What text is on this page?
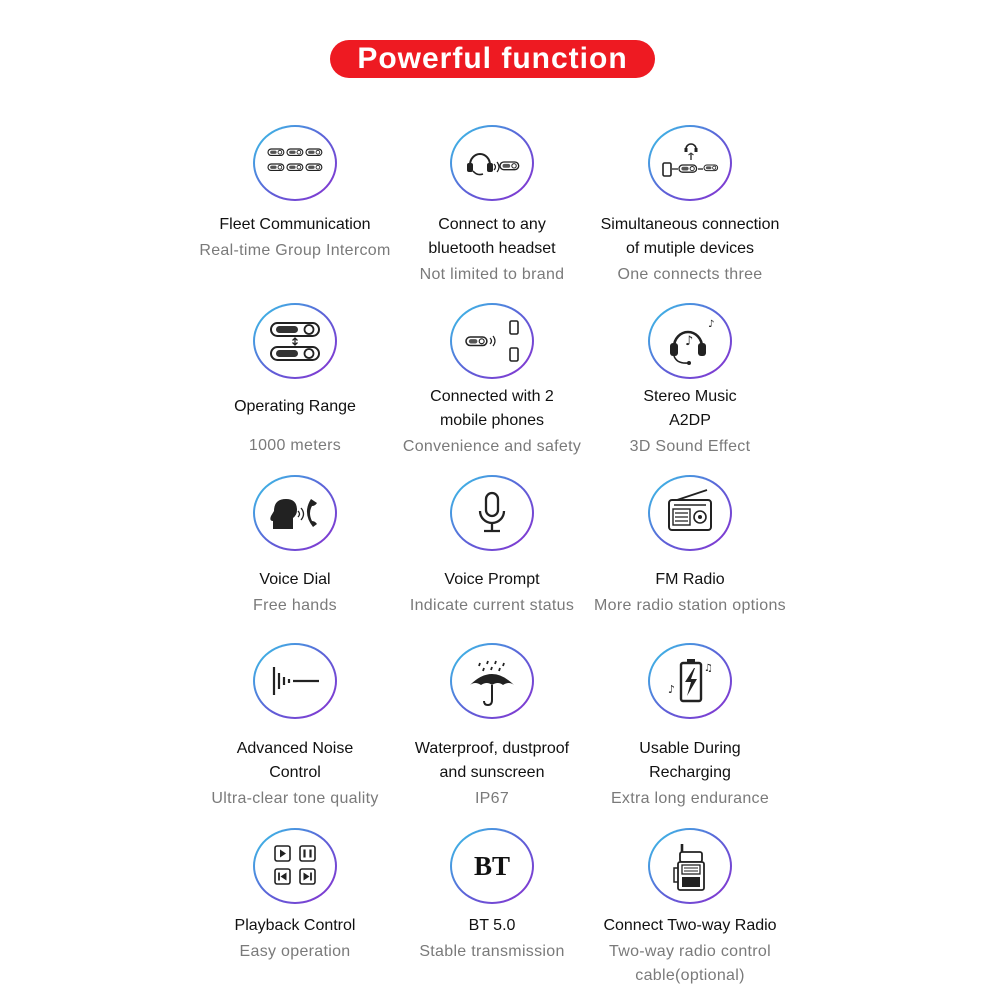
Powerful function
Fleet Communication
Real-time Group Intercom
Connect to any
bluetooth headset
Not limited to brand
Simultaneous connection
of mutiple devices
One connects three
Operating Range
1000 meters
Connected with 2
mobile phones
Convenience and safety
♪
♪
Stereo Music
A2DP
3D Sound Effect
Voice Dial
Free hands
Voice Prompt
Indicate current status
FM Radio
More radio station options
Advanced Noise
Control
Ultra-clear tone quality
Waterproof, dustproof
and sunscreen
IP67
♪
♫
Usable During
Recharging
Extra long endurance
Playback Control
Easy operation
BT
BT 5.0
Stable transmission
Connect Two-way Radio
Two-way radio control
cable(optional)
